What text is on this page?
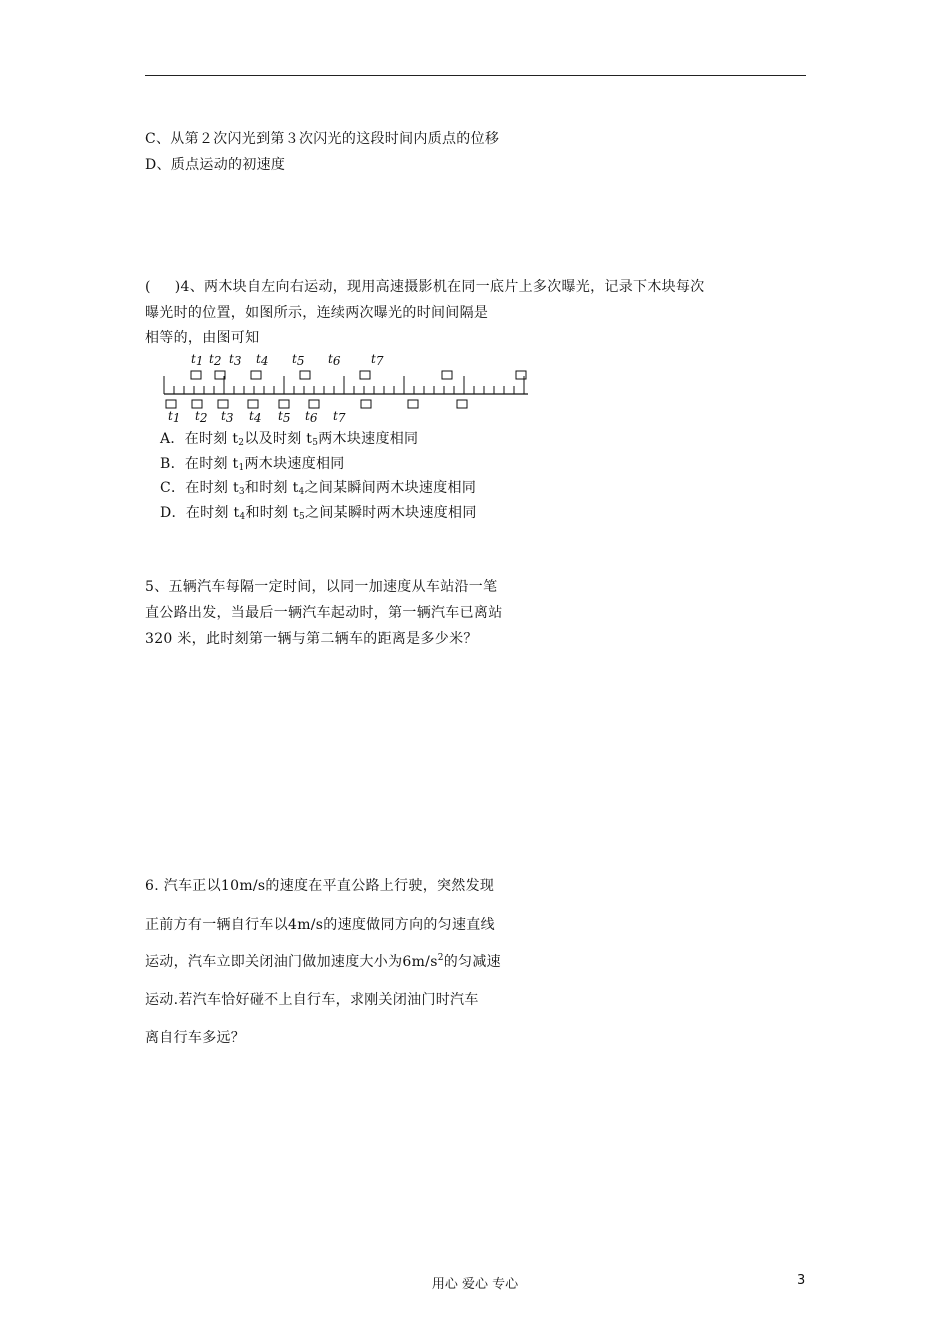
C、从第２次闪光到第３次闪光的这段时间内质点的位移
D、质点运动的初速度
( )4、两木块自左向右运动，现用高速摄影机在同一底片上多次曝光，记录下木块每次
曝光时的位置，如图所示，连续两次曝光的时间间隔是
相等的，由图可知
t1 t2 t3 t4 t5 t6	t7
t1 t2 t3 t4 t5 t6 t7
A．在时刻 $t_2$以及时刻 $t_5$两木块速度相同
B．在时刻 $t_1$两木块速度相同
C．在时刻 $t_3$和时刻 $t_4$之间某瞬间两木块速度相同
D．在时刻 $t_4$和时刻 $t_5$之间某瞬时两木块速度相同
5、五辆汽车每隔一定时间，以同一加速度从车站沿一笔
直公路出发，当最后一辆汽车起动时，第一辆汽车已离站
320 米，此时刻第一辆与第二辆车的距离是多少米？
6. 汽车正以10m/s的速度在平直公路上行驶，突然发现
正前方有一辆自行车以4m/s的速度做同方向的匀速直线
运动，汽车立即关闭油门做加速度大小为$6m/s^2$的匀减速
运动.若汽车恰好碰不上自行车，求刚关闭油门时汽车
离自行车多远？
用心 爱心 专心	3
